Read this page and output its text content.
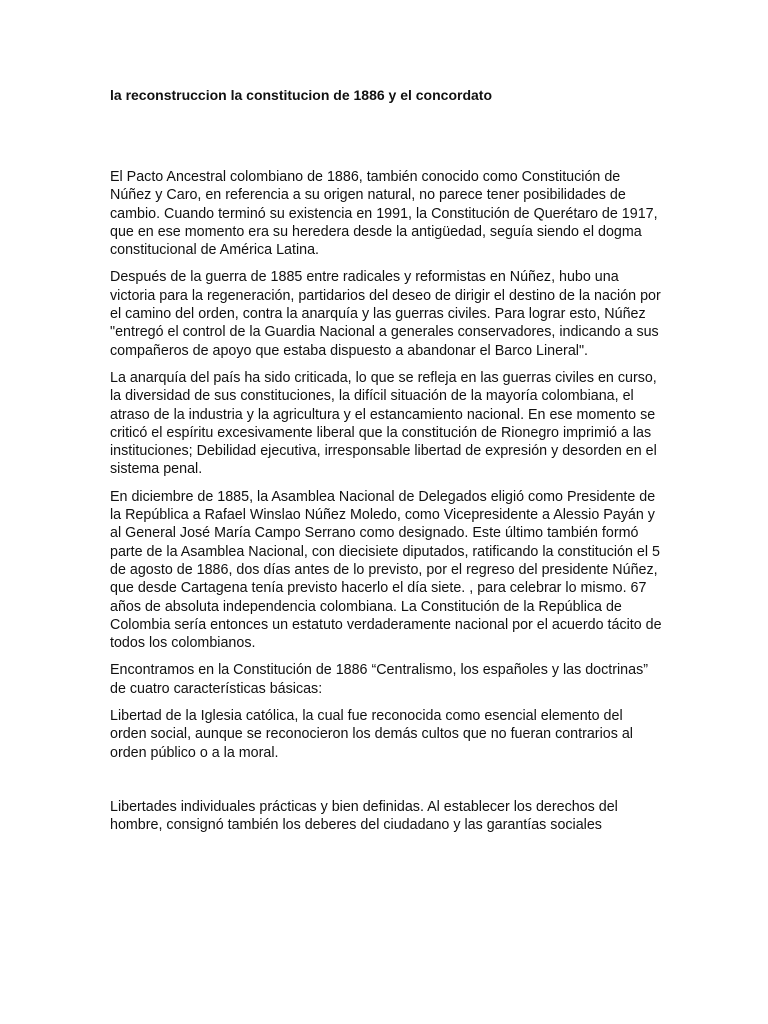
la reconstruccion la constitucion de 1886 y el concordato

El Pacto Ancestral colombiano de 1886, también conocido como Constitución de Núñez y Caro, en referencia a su origen natural, no parece tener posibilidades de cambio. Cuando terminó su existencia en 1991, la Constitución de Querétaro de 1917, que en ese momento era su heredera desde la antigüedad, seguía siendo el dogma constitucional de América Latina.

Después de la guerra de 1885 entre radicales y reformistas en Núñez, hubo una victoria para la regeneración, partidarios del deseo de dirigir el destino de la nación por el camino del orden, contra la anarquía y las guerras civiles. Para lograr esto, Núñez "entregó el control de la Guardia Nacional a generales conservadores, indicando a sus compañeros de apoyo que estaba dispuesto a abandonar el Barco Lineral".

La anarquía del país ha sido criticada, lo que se refleja en las guerras civiles en curso, la diversidad de sus constituciones, la difícil situación de la mayoría colombiana, el atraso de la industria y la agricultura y el estancamiento nacional. En ese momento se criticó el espíritu excesivamente liberal que la constitución de Rionegro imprimió a las instituciones; Debilidad ejecutiva, irresponsable libertad de expresión y desorden en el sistema penal.

En diciembre de 1885, la Asamblea Nacional de Delegados eligió como Presidente de la República a Rafael Winslao Núñez Moledo, como Vicepresidente a Alessio Payán y al General José María Campo Serrano como designado. Este último también formó parte de la Asamblea Nacional, con diecisiete diputados, ratificando la constitución el 5 de agosto de 1886, dos días antes de lo previsto, por el regreso del presidente Núñez, que desde Cartagena tenía previsto hacerlo el día siete. , para celebrar lo mismo. 67 años de absoluta independencia colombiana. La Constitución de la República de Colombia sería entonces un estatuto verdaderamente nacional por el acuerdo tácito de todos los colombianos.

Encontramos en la Constitución de 1886 “Centralismo, los españoles y las doctrinas” de cuatro características básicas:

Libertad de la Iglesia católica, la cual fue reconocida como esencial elemento del orden social, aunque se reconocieron los demás cultos que no fueran contrarios al orden público o a la moral.

Libertades individuales prácticas y bien definidas. Al establecer los derechos del hombre, consignó también los deberes del ciudadano y las garantías sociales
